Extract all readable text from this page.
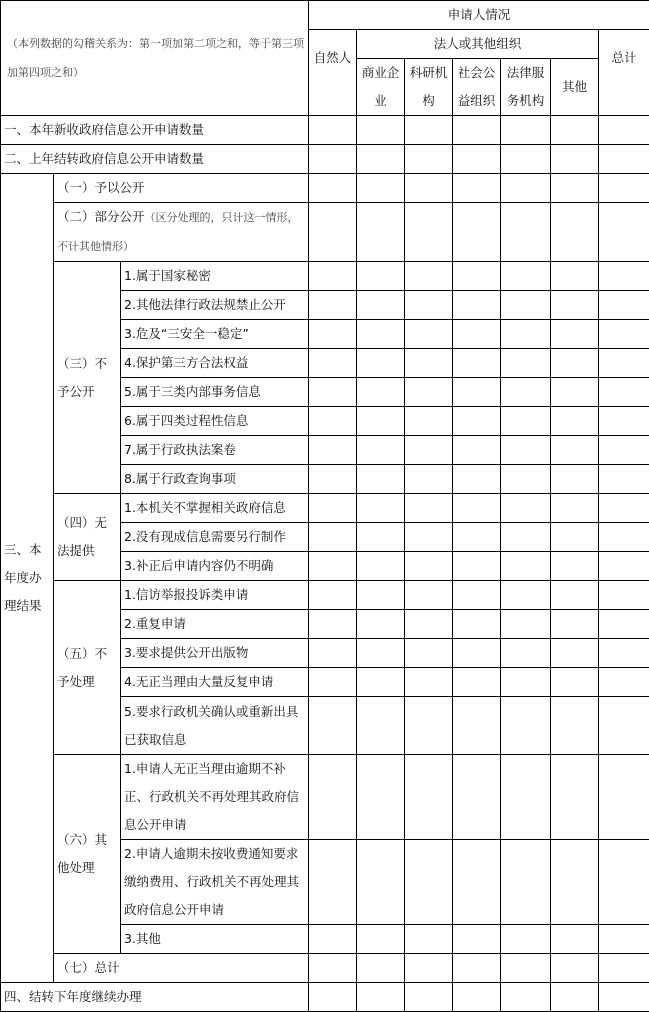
（本列数据的勾稽关系为：第一项加第二项之和，等于第三项加第四项之和）			申请人情况						
			自然人	法人或其他组织					总计
				商业企业	科研机构	社会公益组织	法律服务机构	其他	
一、本年新收政府信息公开申请数量									
二、上年结转政府信息公开申请数量									
三、本年度办理结果	（一）予以公开								
	（二）部分公开（区分处理的，只计这一情形，不计其他情形）								
	（三）不予公开	1.属于国家秘密							
		2.其他法律行政法规禁止公开							
		3.危及“三安全一稳定”							
		4.保护第三方合法权益							
		5.属于三类内部事务信息							
		6.属于四类过程性信息							
		7.属于行政执法案卷							
		8.属于行政查询事项							
	（四）无法提供	1.本机关不掌握相关政府信息							
		2.没有现成信息需要另行制作							
		3.补正后申请内容仍不明确							
	（五）不予处理	1.信访举报投诉类申请							
		2.重复申请							
		3.要求提供公开出版物							
		4.无正当理由大量反复申请							
		5.要求行政机关确认或重新出具已获取信息							
	（六）其他处理	1.申请人无正当理由逾期不补正、行政机关不再处理其政府信息公开申请							
		2.申请人逾期未按收费通知要求缴纳费用、行政机关不再处理其政府信息公开申请							
		3.其他							
	（七）总计								
四、结转下年度继续办理									
